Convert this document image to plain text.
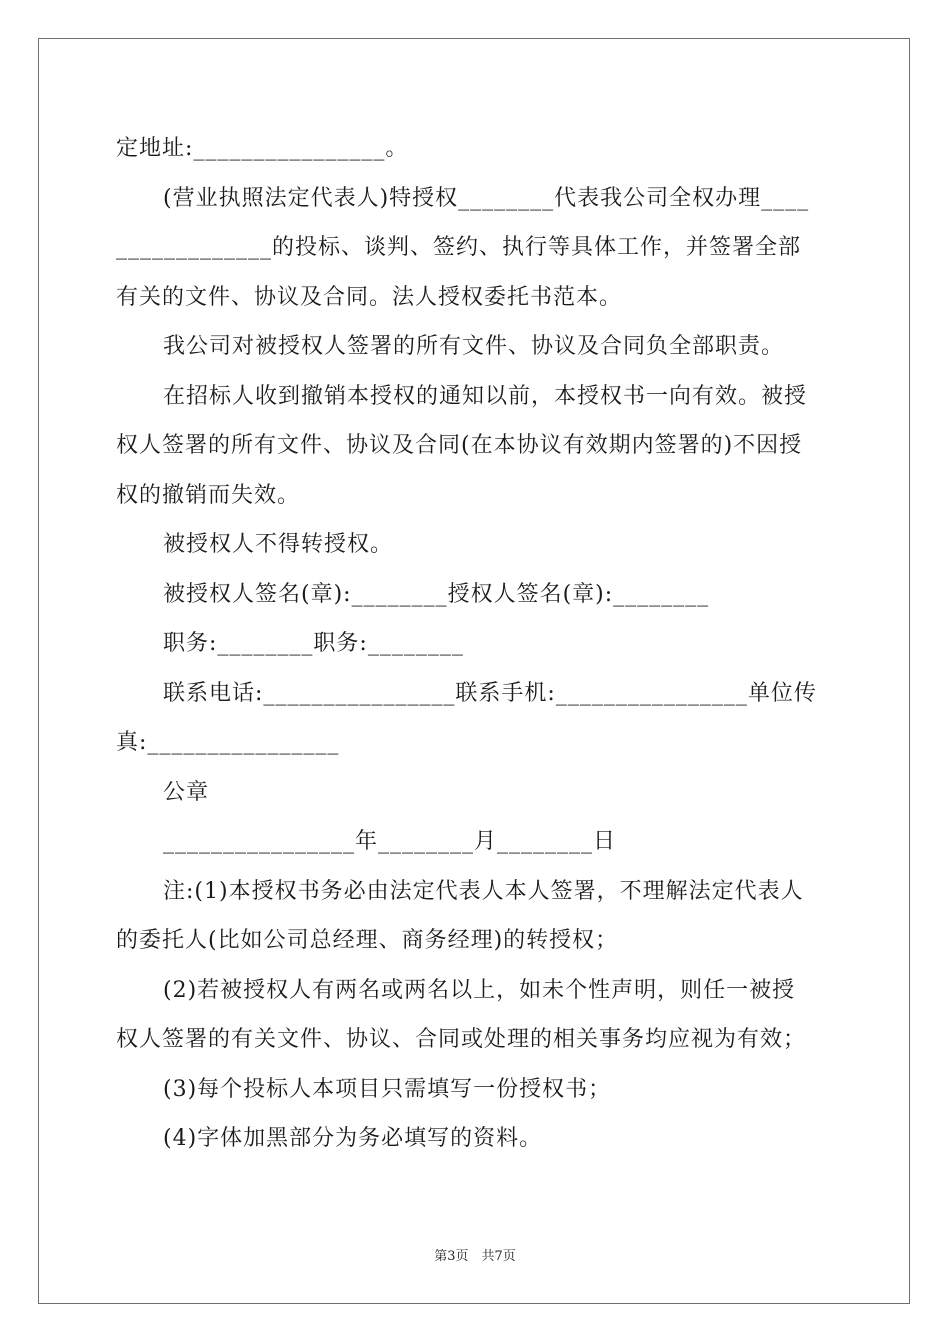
定地址:________________。
(营业执照法定代表人)特授权________代表我公司全权办理____
_____________的投标、谈判、签约、执行等具体工作，并签署全部
有关的文件、协议及合同。法人授权委托书范本。
我公司对被授权人签署的所有文件、协议及合同负全部职责。
在招标人收到撤销本授权的通知以前，本授权书一向有效。被授
权人签署的所有文件、协议及合同(在本协议有效期内签署的)不因授
权的撤销而失效。
被授权人不得转授权。
被授权人签名(章):________授权人签名(章):________
职务:________职务:________
联系电话:________________联系手机:________________单位传
真:________________
公章
________________年________月________日
注:(1)本授权书务必由法定代表人本人签署，不理解法定代表人
的委托人(比如公司总经理、商务经理)的转授权；
(2)若被授权人有两名或两名以上，如未个性声明，则任一被授
权人签署的有关文件、协议、合同或处理的相关事务均应视为有效；
(3)每个投标人本项目只需填写一份授权书；
(4)字体加黑部分为务必填写的资料。
第3页　共7页
